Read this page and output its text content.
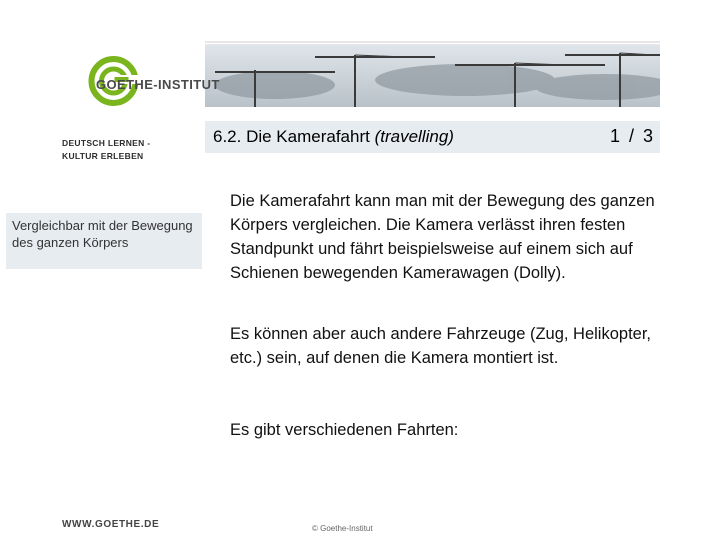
GOETHE-INSTITUT
DEUTSCH LERNEN -
KULTUR ERLEBEN
6.2. Die Kamerafahrt (travelling)	1 / 3
Vergleichbar mit der Bewegung des ganzen Körpers
Die Kamerafahrt kann man mit der Bewegung des ganzen Körpers vergleichen. Die Kamera verlässt ihren festen Standpunkt und fährt beispielsweise auf einem sich auf Schienen bewegenden Kamerawagen (Dolly).
Es können aber auch andere Fahrzeuge (Zug, Helikopter, etc.) sein, auf denen die Kamera montiert ist.
Es gibt verschiedenen Fahrten:
WWW.GOETHE.DE	© Goethe-Institut
